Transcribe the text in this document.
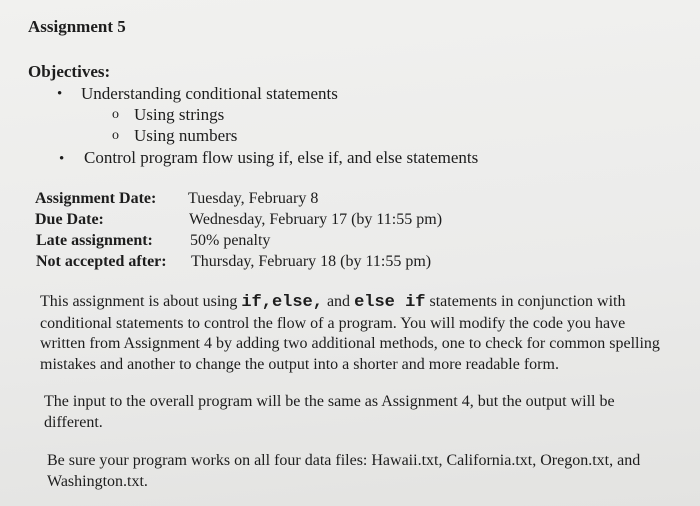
Assignment 5
Objectives:
• Understanding conditional statements
o Using strings
o Using numbers
• Control program flow using if, else if, and else statements
Assignment Date: Tuesday, February 8
Due Date:	Wednesday, February 17 (by 11:55 pm)
Late assignment: 50% penalty
Not accepted after: Thursday, February 18 (by 11:55 pm)
This assignment is about using if,else, and else if statements in conjunction with
conditional statements to control the flow of a program. You will modify the code you have
written from Assignment 4 by adding two additional methods, one to check for common spelling
mistakes and another to change the output into a shorter and more readable form.
The input to the overall program will be the same as Assignment 4, but the output will be
different.
Be sure your program works on all four data files: Hawaii.txt, California.txt, Oregon.txt, and
Washington.txt.
